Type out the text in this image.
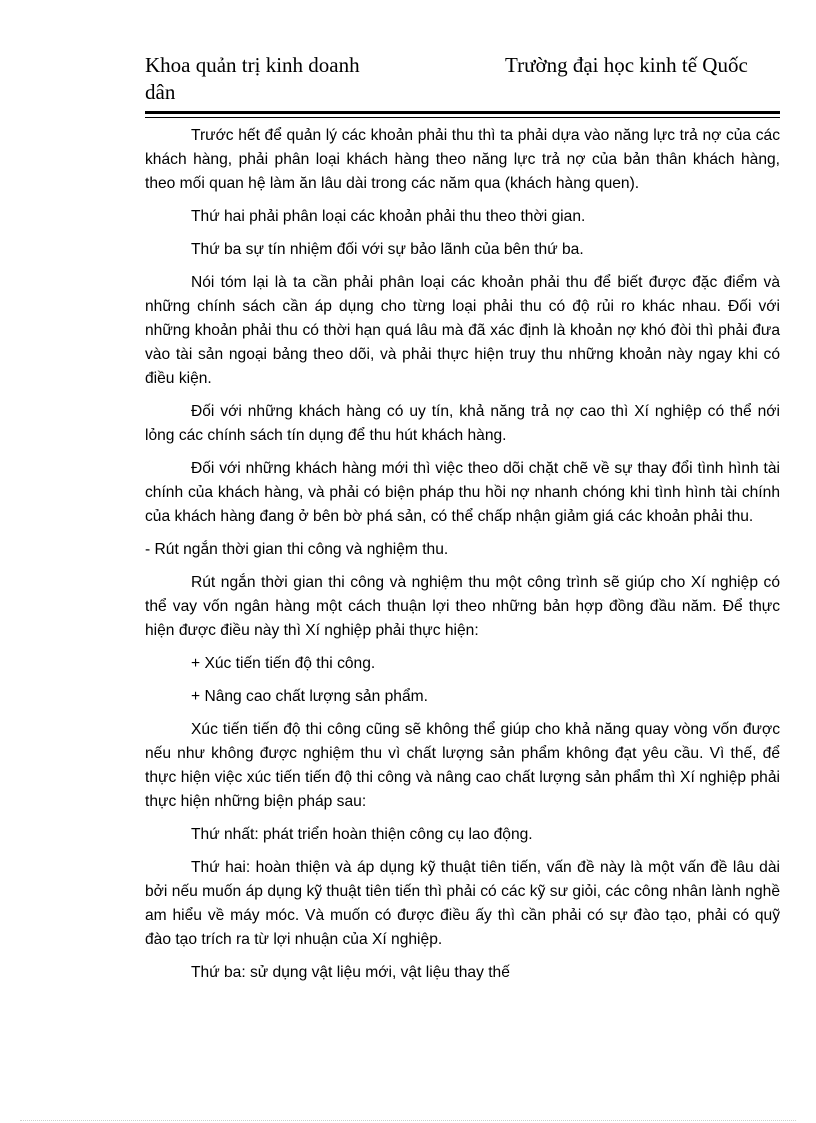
Khoa quản trị kinh doanh dân
Trường đại học kinh tế Quốc

Trước hết để quản lý các khoản phải thu thì ta phải dựa vào năng lực trả nợ của các khách hàng, phải phân loại khách hàng theo năng lực trả nợ của bản thân khách hàng, theo mối quan hệ làm ăn lâu dài trong các năm qua (khách hàng quen).

Thứ hai phải phân loại các khoản phải thu theo thời gian.

Thứ ba sự tín nhiệm đối với sự bảo lãnh của bên thứ ba.

Nói tóm lại là ta cần phải phân loại các khoản phải thu để biết được đặc điểm và những chính sách cần áp dụng cho từng loại phải thu có độ rủi ro khác nhau. Đối với những khoản phải thu có thời hạn quá lâu mà đã xác định là khoản nợ khó đòi thì phải đưa vào tài sản ngoại bảng theo dõi, và phải thực hiện truy thu những khoản này ngay khi có điều kiện.

Đối với những khách hàng có uy tín, khả năng trả nợ cao thì Xí nghiệp có thể nới lỏng các chính sách tín dụng để thu hút khách hàng.

Đối với những khách hàng mới thì việc theo dõi chặt chẽ về sự thay đổi tình hình tài chính của khách hàng, và phải có biện pháp thu hồi nợ nhanh chóng khi tình hình tài chính của khách hàng đang ở bên bờ phá sản, có thể chấp nhận giảm giá các khoản phải thu.

- Rút ngắn thời gian thi công và nghiệm thu.

Rút ngắn thời gian thi công và nghiệm thu một công trình sẽ giúp cho Xí nghiệp có thể vay vốn ngân hàng một cách thuận lợi theo những bản hợp đồng đầu năm. Để thực hiện được điều này thì Xí nghiệp phải thực hiện:

+ Xúc tiến tiến độ thi công.

+ Nâng cao chất lượng sản phẩm.

Xúc tiến tiến độ thi công cũng sẽ không thể giúp cho khả năng quay vòng vốn được nếu như không được nghiệm thu vì chất lượng sản phẩm không đạt yêu cầu. Vì thế, để thực hiện việc xúc tiến tiến độ thi công và nâng cao chất lượng sản phẩm thì Xí nghiệp phải thực hiện những biện pháp sau:

Thứ nhất: phát triển hoàn thiện công cụ lao động.

Thứ hai: hoàn thiện và áp dụng kỹ thuật tiên tiến, vấn đề này là một vấn đề lâu dài bởi nếu muốn áp dụng kỹ thuật tiên tiến thì phải có các kỹ sư giỏi, các công nhân lành nghề am hiểu về máy móc. Và muốn có được điều ấy thì cần phải có sự đào tạo, phải có quỹ đào tạo trích ra từ lợi nhuận của Xí nghiệp.

Thứ ba: sử dụng vật liệu mới, vật liệu thay thế
